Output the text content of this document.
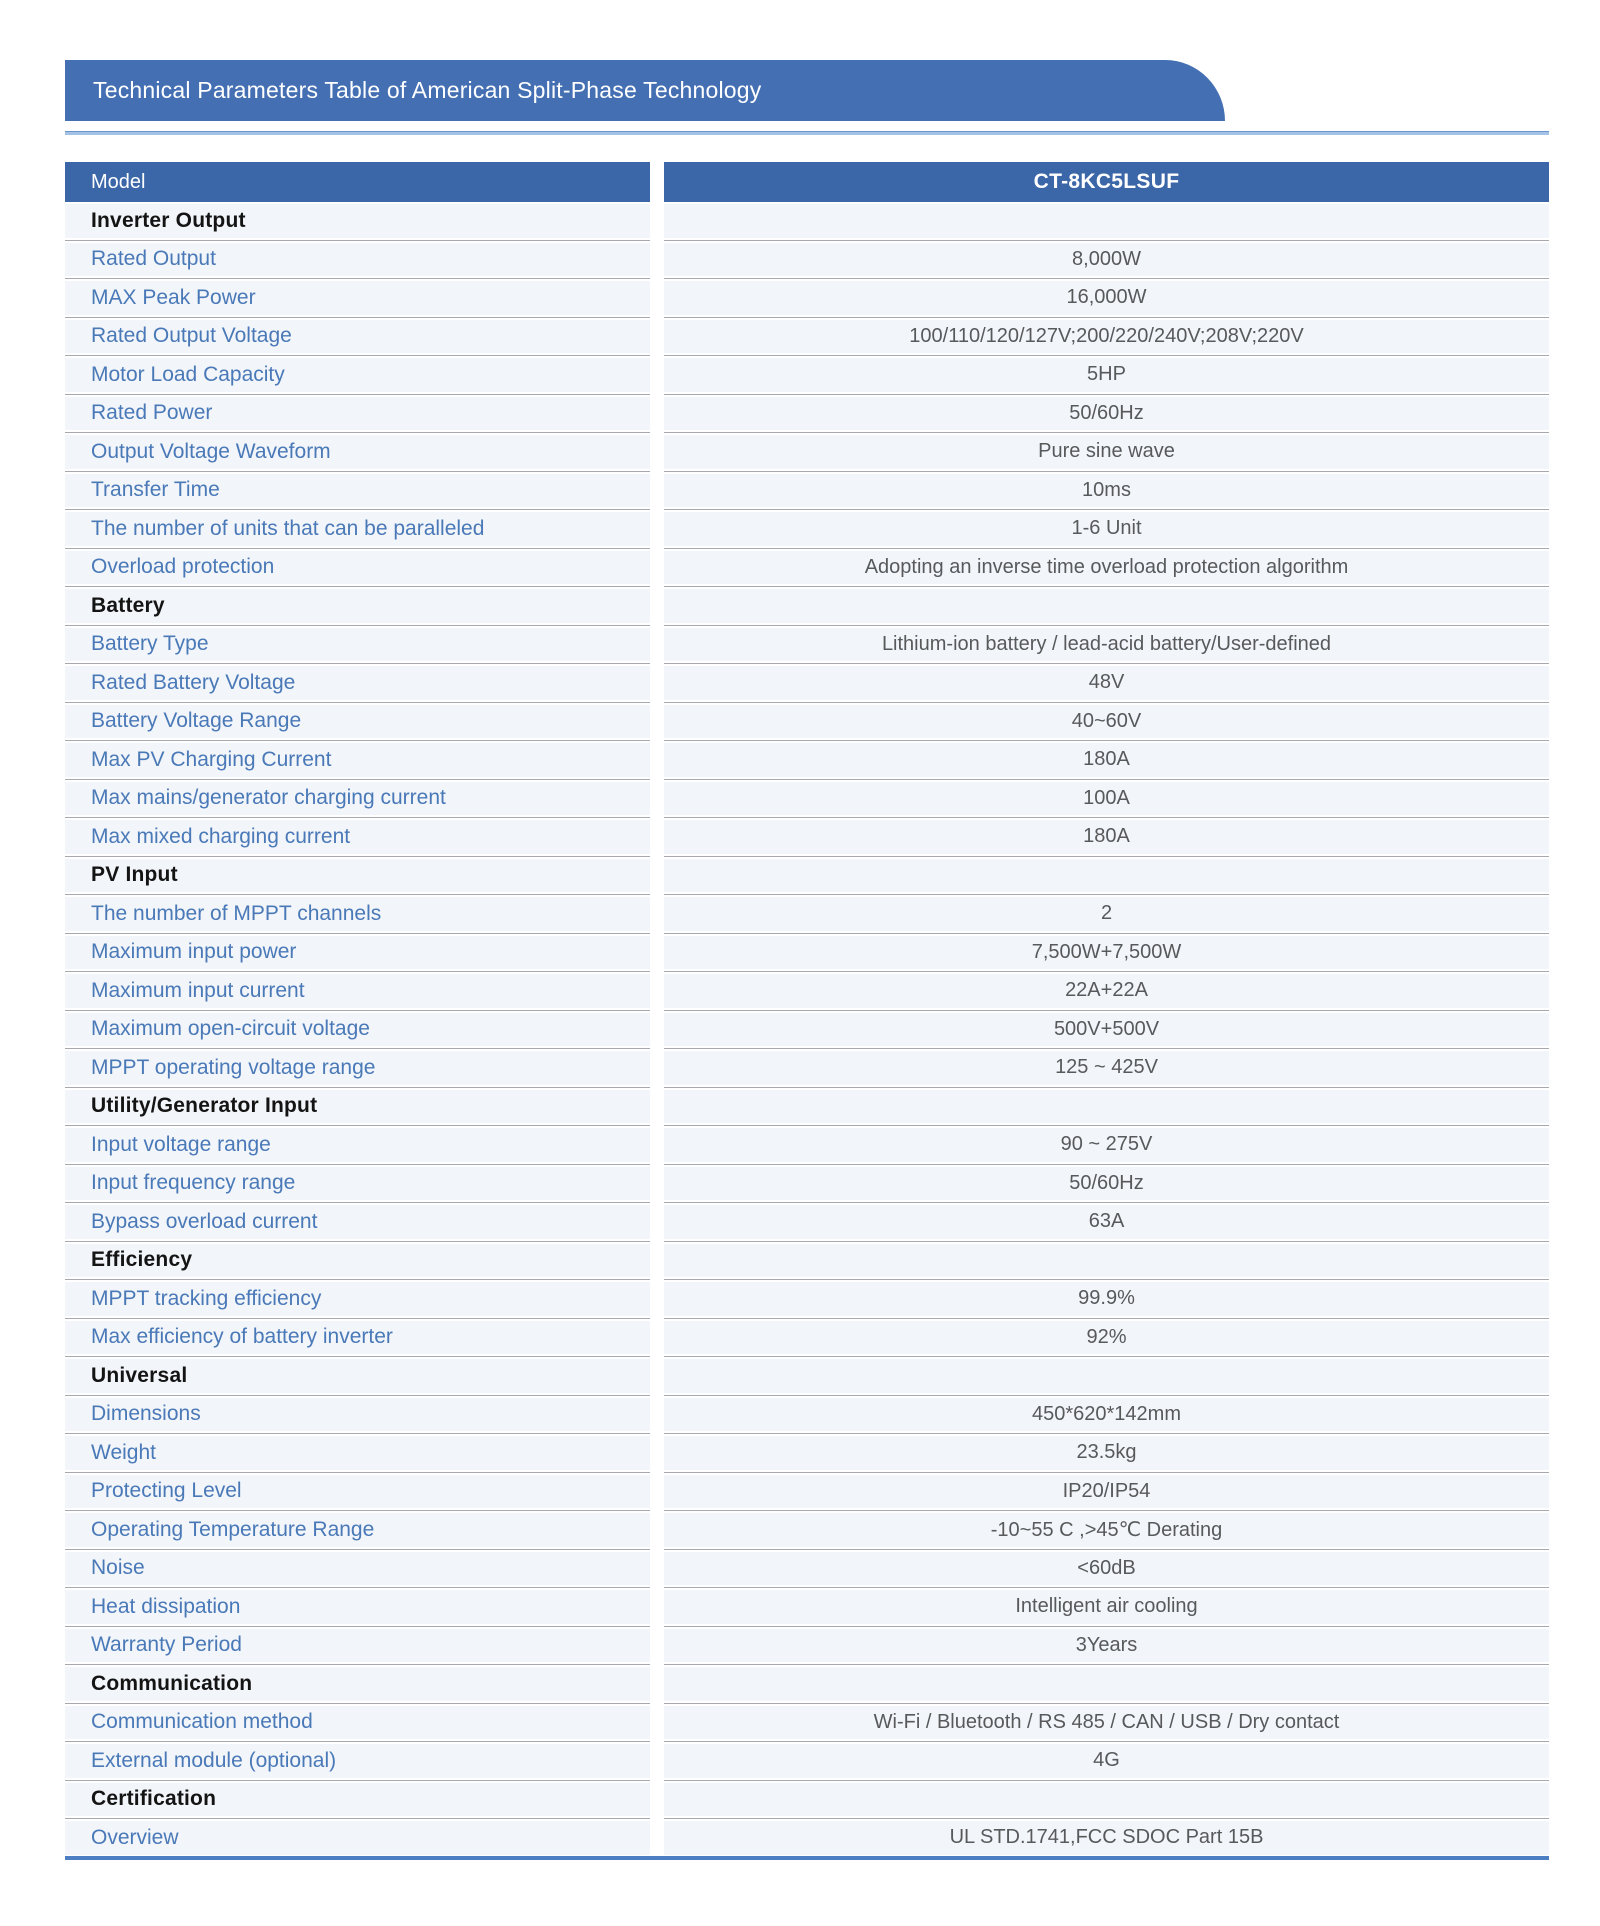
Technical Parameters Table of American Split-Phase Technology
Model	CT-8KC5LSUF
Inverter Output
Rated Output	8,000W
MAX Peak Power	16,000W
Rated Output Voltage	100/110/120/127V;200/220/240V;208V;220V
Motor Load Capacity	5HP
Rated Power	50/60Hz
Output Voltage Waveform	Pure sine wave
Transfer Time	10ms
The number of units that can be paralleled	1-6 Unit
Overload protection	Adopting an inverse time overload protection algorithm
Battery
Battery Type	Lithium-ion battery / lead-acid battery/User-defined
Rated Battery Voltage	48V
Battery Voltage Range	40~60V
Max PV Charging Current	180A
Max mains/generator charging current	100A
Max mixed charging current	180A
PV Input
The number of MPPT channels	2
Maximum input power	7,500W+7,500W
Maximum input current	22A+22A
Maximum open-circuit voltage	500V+500V
MPPT operating voltage range	125 ~ 425V
Utility/Generator Input
Input voltage range	90 ~ 275V
Input frequency range	50/60Hz
Bypass overload current	63A
Efficiency
MPPT tracking efficiency	99.9%
Max efficiency of battery inverter	92%
Universal
Dimensions	450*620*142mm
Weight	23.5kg
Protecting Level	IP20/IP54
Operating Temperature Range	-10~55 C ,>45℃ Derating
Noise	<60dB
Heat dissipation	Intelligent air cooling
Warranty Period	3Years
Communication
Communication method	Wi-Fi / Bluetooth / RS 485 / CAN / USB / Dry contact
External module (optional)	4G
Certification
Overview	UL STD.1741,FCC SDOC Part 15B
